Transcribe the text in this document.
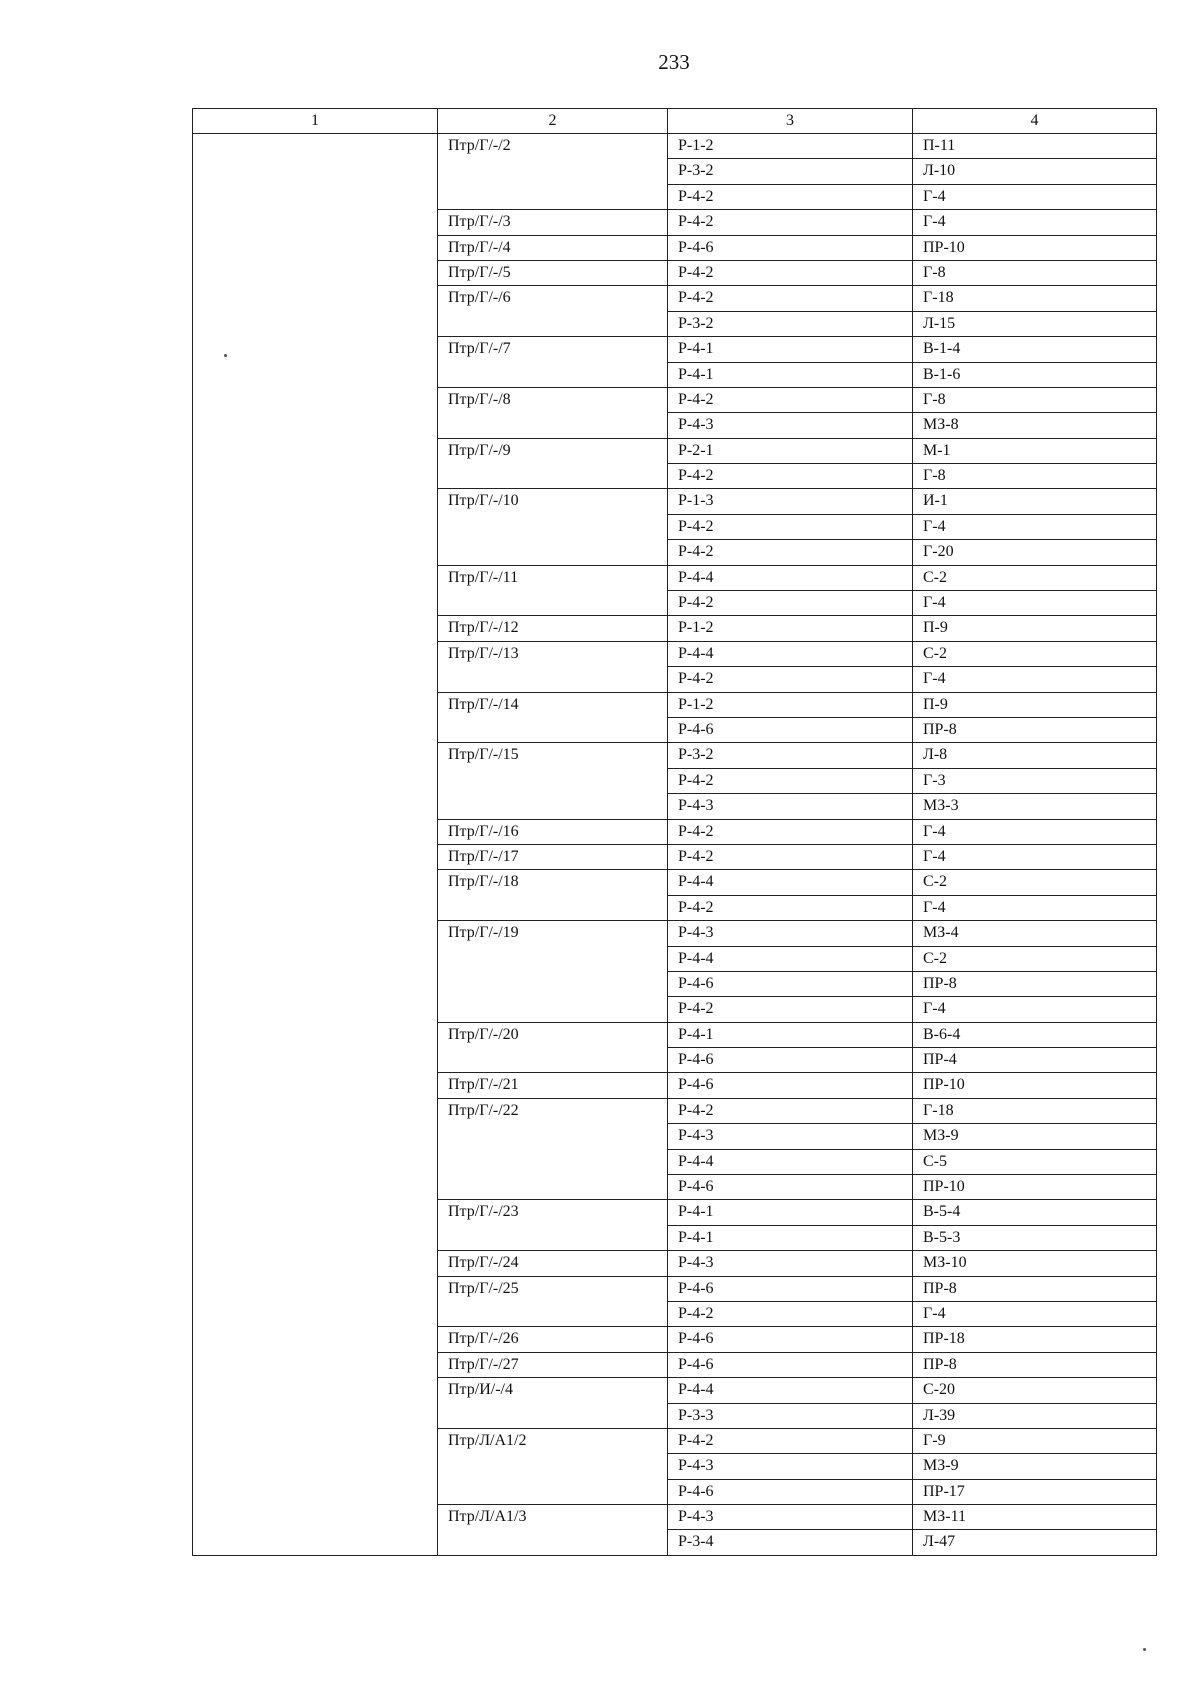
233
1	2	3	4
	Птр/Г/-/2	Р-1-2	П-11
		Р-3-2	Л-10
		Р-4-2	Г-4
	Птр/Г/-/3	Р-4-2	Г-4
	Птр/Г/-/4	Р-4-6	ПР-10
	Птр/Г/-/5	Р-4-2	Г-8
	Птр/Г/-/6	Р-4-2	Г-18
		Р-3-2	Л-15
	Птр/Г/-/7	Р-4-1	В-1-4
		Р-4-1	В-1-6
	Птр/Г/-/8	Р-4-2	Г-8
		Р-4-3	МЗ-8
	Птр/Г/-/9	Р-2-1	М-1
		Р-4-2	Г-8
	Птр/Г/-/10	Р-1-3	И-1
		Р-4-2	Г-4
		Р-4-2	Г-20
	Птр/Г/-/11	Р-4-4	С-2
		Р-4-2	Г-4
	Птр/Г/-/12	Р-1-2	П-9
	Птр/Г/-/13	Р-4-4	С-2
		Р-4-2	Г-4
	Птр/Г/-/14	Р-1-2	П-9
		Р-4-6	ПР-8
	Птр/Г/-/15	Р-3-2	Л-8
		Р-4-2	Г-3
		Р-4-3	МЗ-3
	Птр/Г/-/16	Р-4-2	Г-4
	Птр/Г/-/17	Р-4-2	Г-4
	Птр/Г/-/18	Р-4-4	С-2
		Р-4-2	Г-4
	Птр/Г/-/19	Р-4-3	МЗ-4
		Р-4-4	С-2
		Р-4-6	ПР-8
		Р-4-2	Г-4
	Птр/Г/-/20	Р-4-1	В-6-4
		Р-4-6	ПР-4
	Птр/Г/-/21	Р-4-6	ПР-10
	Птр/Г/-/22	Р-4-2	Г-18
		Р-4-3	МЗ-9
		Р-4-4	С-5
		Р-4-6	ПР-10
	Птр/Г/-/23	Р-4-1	В-5-4
		Р-4-1	В-5-3
	Птр/Г/-/24	Р-4-3	МЗ-10
	Птр/Г/-/25	Р-4-6	ПР-8
		Р-4-2	Г-4
	Птр/Г/-/26	Р-4-6	ПР-18
	Птр/Г/-/27	Р-4-6	ПР-8
	Птр/И/-/4	Р-4-4	С-20
		Р-3-3	Л-39
	Птр/Л/А1/2	Р-4-2	Г-9
		Р-4-3	МЗ-9
		Р-4-6	ПР-17
	Птр/Л/А1/3	Р-4-3	МЗ-11
		Р-3-4	Л-47
